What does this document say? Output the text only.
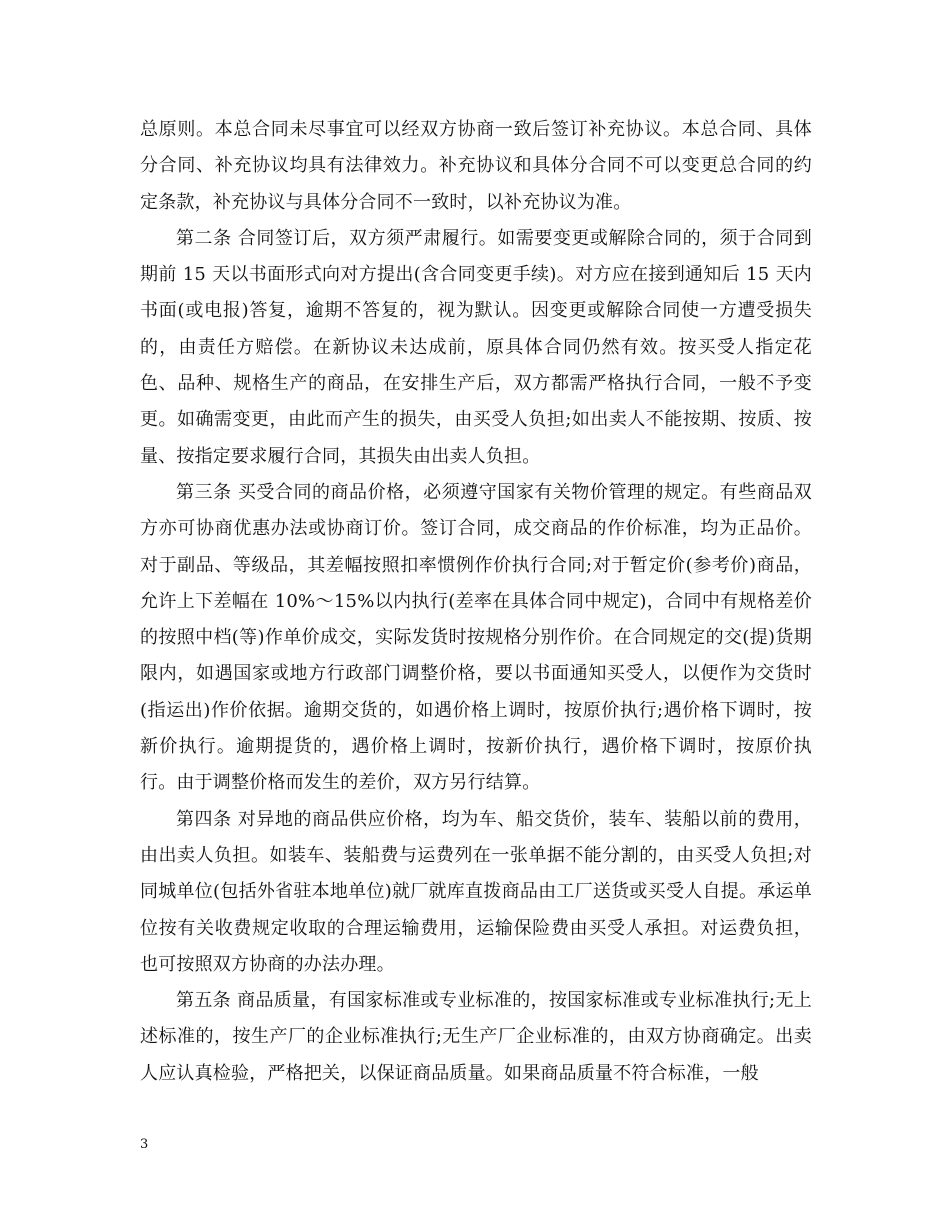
总原则。本总合同未尽事宜可以经双方协商一致后签订补充协议。本总合同、具体分合同、补充协议均具有法律效力。补充协议和具体分合同不可以变更总合同的约定条款，补充协议与具体分合同不一致时，以补充协议为准。

第二条 合同签订后，双方须严肃履行。如需要变更或解除合同的，须于合同到期前 15 天以书面形式向对方提出(含合同变更手续)。对方应在接到通知后 15 天内书面(或电报)答复，逾期不答复的，视为默认。因变更或解除合同使一方遭受损失的，由责任方赔偿。在新协议未达成前，原具体合同仍然有效。按买受人指定花色、品种、规格生产的商品，在安排生产后，双方都需严格执行合同，一般不予变更。如确需变更，由此而产生的损失，由买受人负担;如出卖人不能按期、按质、按量、按指定要求履行合同，其损失由出卖人负担。

第三条 买受合同的商品价格，必须遵守国家有关物价管理的规定。有些商品双方亦可协商优惠办法或协商订价。签订合同，成交商品的作价标准，均为正品价。对于副品、等级品，其差幅按照扣率惯例作价执行合同;对于暂定价(参考价)商品，允许上下差幅在 10%～15%以内执行(差率在具体合同中规定)，合同中有规格差价的按照中档(等)作单价成交，实际发货时按规格分别作价。在合同规定的交(提)货期限内，如遇国家或地方行政部门调整价格，要以书面通知买受人，以便作为交货时(指运出)作价依据。逾期交货的，如遇价格上调时，按原价执行;遇价格下调时，按新价执行。逾期提货的，遇价格上调时，按新价执行，遇价格下调时，按原价执行。由于调整价格而发生的差价，双方另行结算。

第四条 对异地的商品供应价格，均为车、船交货价，装车、装船以前的费用，由出卖人负担。如装车、装船费与运费列在一张单据不能分割的，由买受人负担;对同城单位(包括外省驻本地单位)就厂就库直拨商品由工厂送货或买受人自提。承运单位按有关收费规定收取的合理运输费用，运输保险费由买受人承担。对运费负担，也可按照双方协商的办法办理。

第五条 商品质量，有国家标准或专业标准的，按国家标准或专业标准执行;无上述标准的，按生产厂的企业标准执行;无生产厂企业标准的，由双方协商确定。出卖人应认真检验，严格把关，以保证商品质量。如果商品质量不符合标准，一般

3
